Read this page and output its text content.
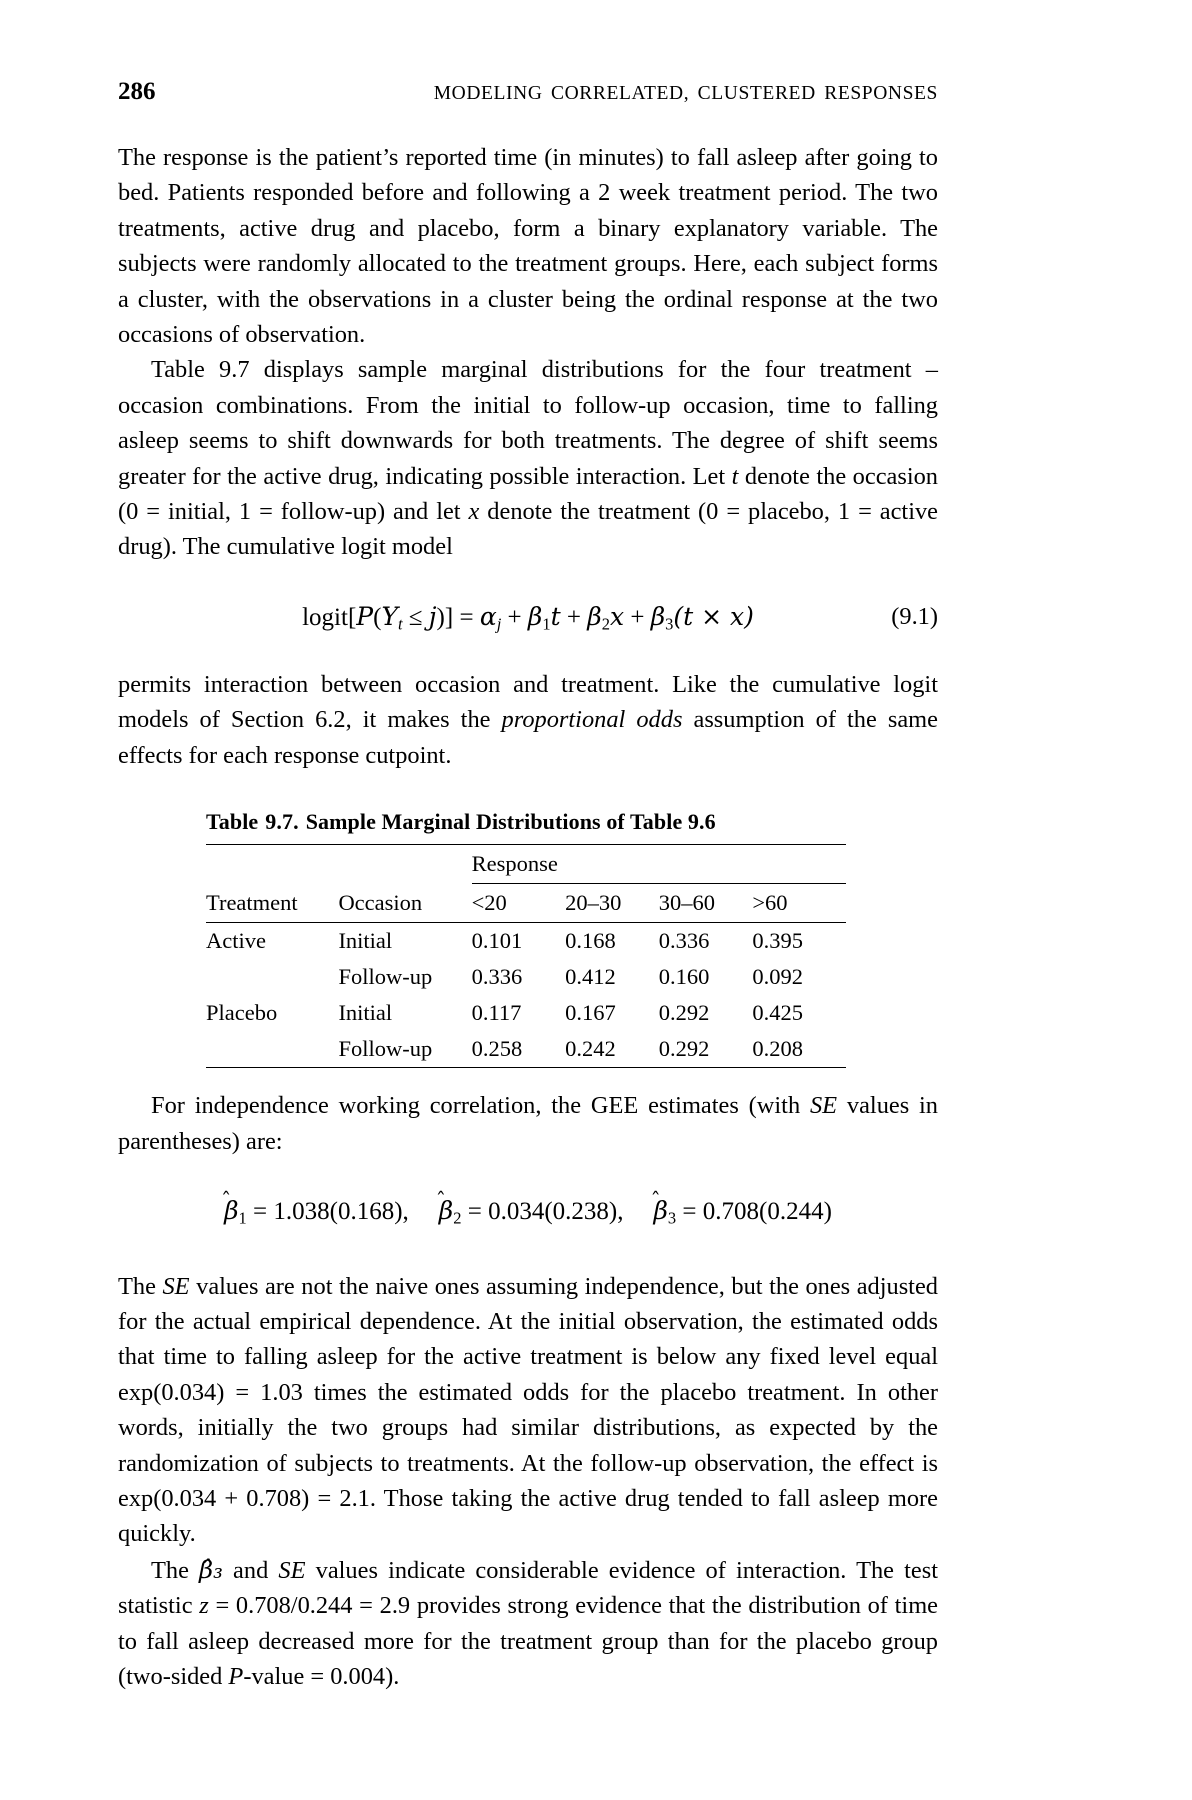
286	MODELING CORRELATED, CLUSTERED RESPONSES

The response is the patient’s reported time (in minutes) to fall asleep after going to bed. Patients responded before and following a 2 week treatment period. The two treatments, active drug and placebo, form a binary explanatory variable. The subjects were randomly allocated to the treatment groups. Here, each subject forms a cluster, with the observations in a cluster being the ordinal response at the two occasions of observation.

Table 9.7 displays sample marginal distributions for the four treatment – occasion combinations. From the initial to follow-up occasion, time to falling asleep seems to shift downwards for both treatments. The degree of shift seems greater for the active drug, indicating possible interaction. Let t denote the occasion (0 = initial, 1 = follow-up) and let x denote the treatment (0 = placebo, 1 = active drug). The cumulative logit model

$logit[P(Y_t \le j)] = \alpha_j + \beta_1t + \beta_2x + \beta_3(t \times x)$	(9.1)

permits interaction between occasion and treatment. Like the cumulative logit models of Section 6.2, it makes the proportional odds assumption of the same effects for each response cutpoint.

Table 9.7. Sample Marginal Distributions of Table 9.6
		Response			
Treatment	Occasion	<20	20–30	30–60	>60
Active	Initial	0.101	0.168	0.336	0.395
	Follow-up	0.336	0.412	0.160	0.092
Placebo	Initial	0.117	0.167	0.292	0.425
	Follow-up	0.258	0.242	0.292	0.208

For independence working correlation, the GEE estimates (with SE values in parentheses) are:

$\beta_1 = 1.038(0.168)$, $\beta_2 = 0.034(0.238)$, $\beta_3 = 0.708(0.244)$

The SE values are not the naive ones assuming independence, but the ones adjusted for the actual empirical dependence. At the initial observation, the estimated odds that time to falling asleep for the active treatment is below any fixed level equal exp(0.034) = 1.03 times the estimated odds for the placebo treatment. In other words, initially the two groups had similar distributions, as expected by the randomization of subjects to treatments. At the follow-up observation, the effect is exp(0.034 + 0.708) = 2.1. Those taking the active drug tended to fall asleep more quickly.

The β̂₃ and SE values indicate considerable evidence of interaction. The test statistic z = 0.708/0.244 = 2.9 provides strong evidence that the distribution of time to fall asleep decreased more for the treatment group than for the placebo group (two-sided P-value = 0.004).
